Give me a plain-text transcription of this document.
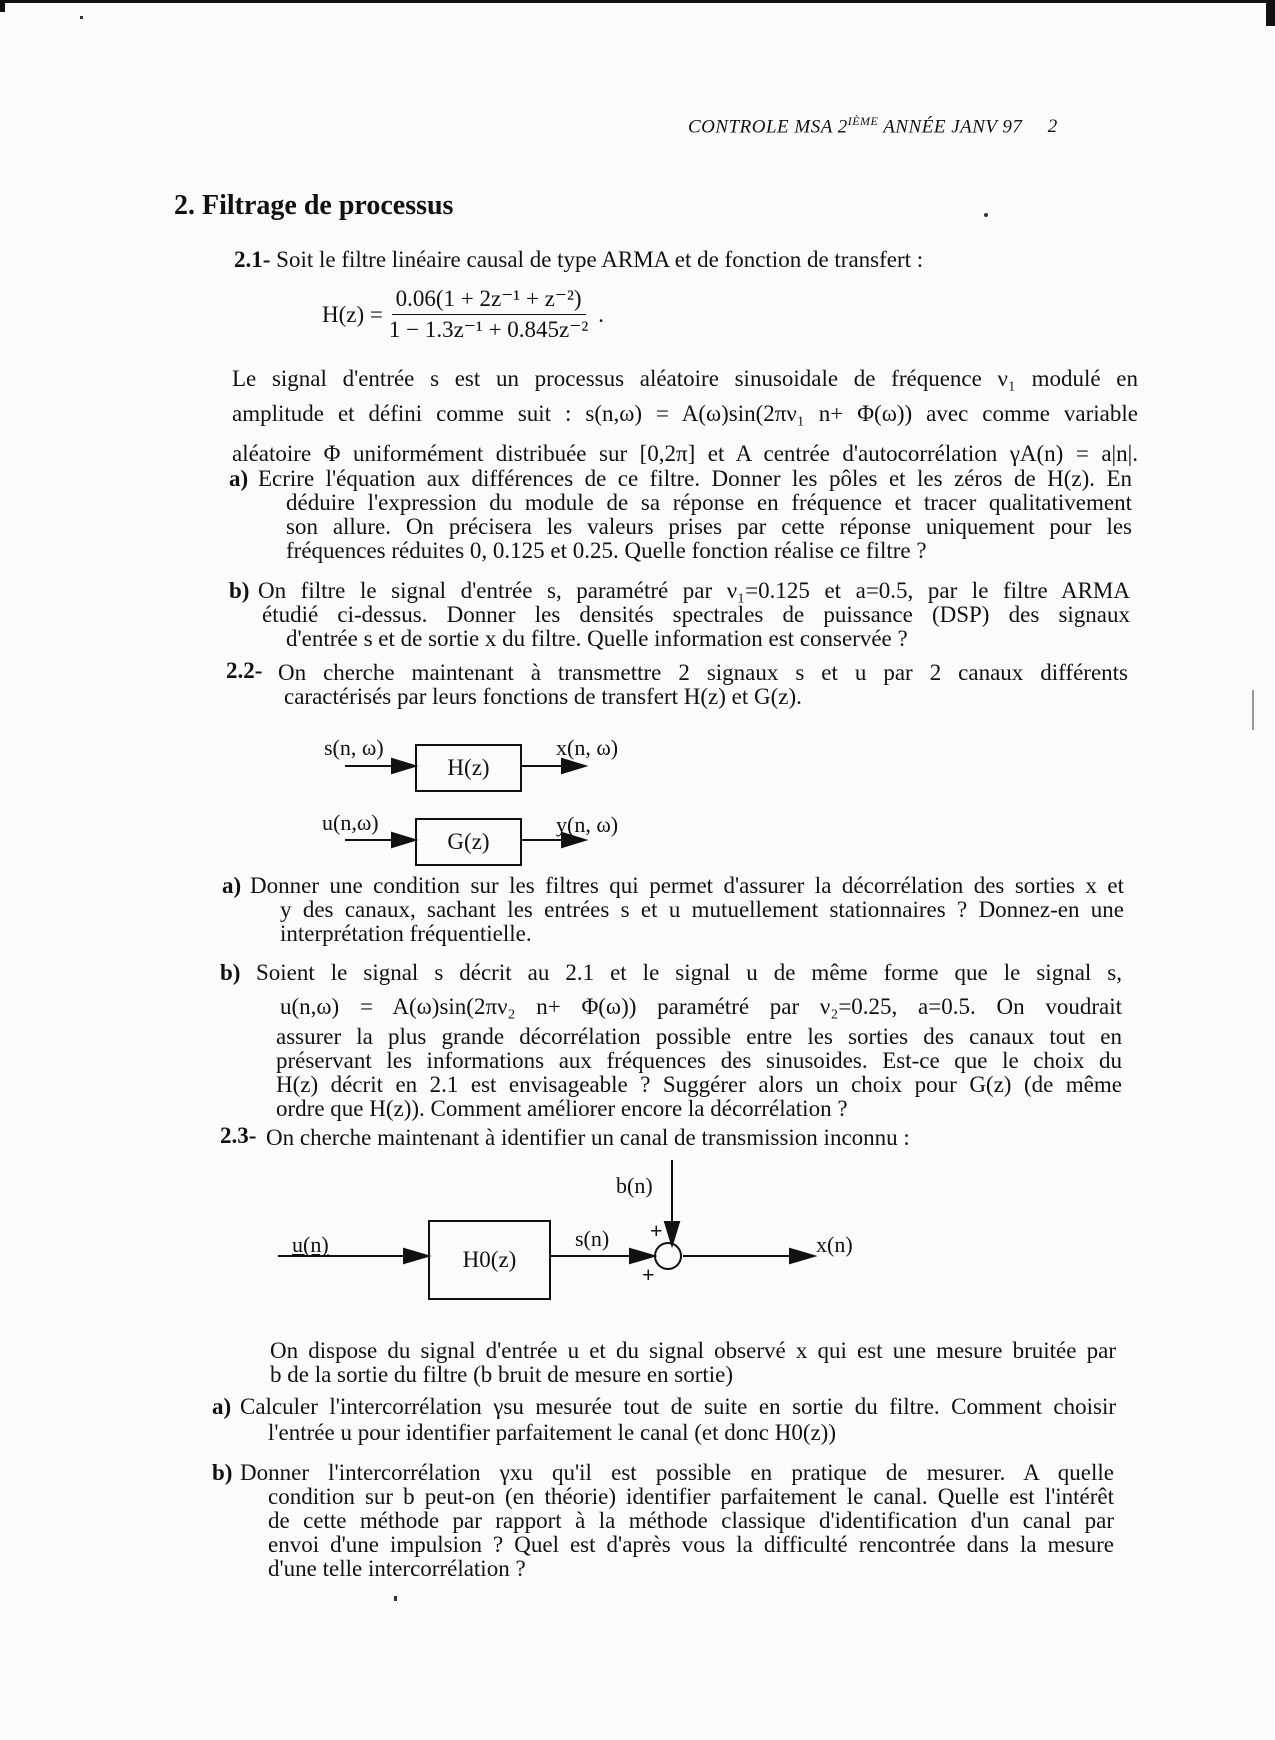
CONTROLE MSA 2IÈME ANNÉE JANV 97 2
2. Filtrage de processus
2.1- Soit le filtre linéaire causal de type ARMA et de fonction de transfert :
$H(z) = \frac{\text{0.06(1 + 2z⁻¹ + z⁻²)}}{\text{1 − 1.3z⁻¹ + 0.845z⁻²}}$ .
Le signal d'entrée s est un processus aléatoire sinusoidale de fréquence ν₁ modulé en
amplitude et défini comme suit : s(n,ω) = A(ω)sin(2πν₁ n+ Φ(ω)) avec comme variable
aléatoire Φ uniformément distribuée sur [0,2π] et A centrée d'autocorrélation γA(n) = a|n|.
a) Ecrire l'équation aux différences de ce filtre. Donner les pôles et les zéros de H(z). En
déduire l'expression du module de sa réponse en fréquence et tracer qualitativement
son allure. On précisera les valeurs prises par cette réponse uniquement pour les
fréquences réduites 0, 0.125 et 0.25. Quelle fonction réalise ce filtre ?
b) On filtre le signal d'entrée s, paramétré par ν₁=0.125 et a=0.5, par le filtre ARMA
étudié ci-dessus. Donner les densités spectrales de puissance (DSP) des signaux
d'entrée s et de sortie x du filtre. Quelle information est conservée ?
2.2- On cherche maintenant à transmettre 2 signaux s et u par 2 canaux différents
caractérisés par leurs fonctions de transfert H(z) et G(z).
s(n, ω)
H(z)
x(n, ω)
u(n,ω)
G(z)
y(n, ω)
a) Donner une condition sur les filtres qui permet d'assurer la décorrélation des sorties x et
y des canaux, sachant les entrées s et u mutuellement stationnaires ? Donnez-en une
interprétation fréquentielle.
b) Soient le signal s décrit au 2.1 et le signal u de même forme que le signal s,
u(n,ω) = A(ω)sin(2πν₂ n+ Φ(ω)) paramétré par ν₂=0.25, a=0.5. On voudrait
assurer la plus grande décorrélation possible entre les sorties des canaux tout en
préservant les informations aux fréquences des sinusoides. Est-ce que le choix du
H(z) décrit en 2.1 est envisageable ? Suggérer alors un choix pour G(z) (de même
ordre que H(z)). Comment améliorer encore la décorrélation ?
2.3- On cherche maintenant à identifier un canal de transmission inconnu :
u(n)
H0(z)
s(n)
b(n)
+
+
x(n)
On dispose du signal d'entrée u et du signal observé x qui est une mesure bruitée par
b de la sortie du filtre (b bruit de mesure en sortie)
a) Calculer l'intercorrélation γsu mesurée tout de suite en sortie du filtre. Comment choisir
l'entrée u pour identifier parfaitement le canal (et donc H0(z))
b) Donner l'intercorrélation γxu qu'il est possible en pratique de mesurer. A quelle
condition sur b peut-on (en théorie) identifier parfaitement le canal. Quelle est l'intérêt
de cette méthode par rapport à la méthode classique d'identification d'un canal par
envoi d'une impulsion ? Quel est d'après vous la difficulté rencontrée dans la mesure
d'une telle intercorrélation ?
